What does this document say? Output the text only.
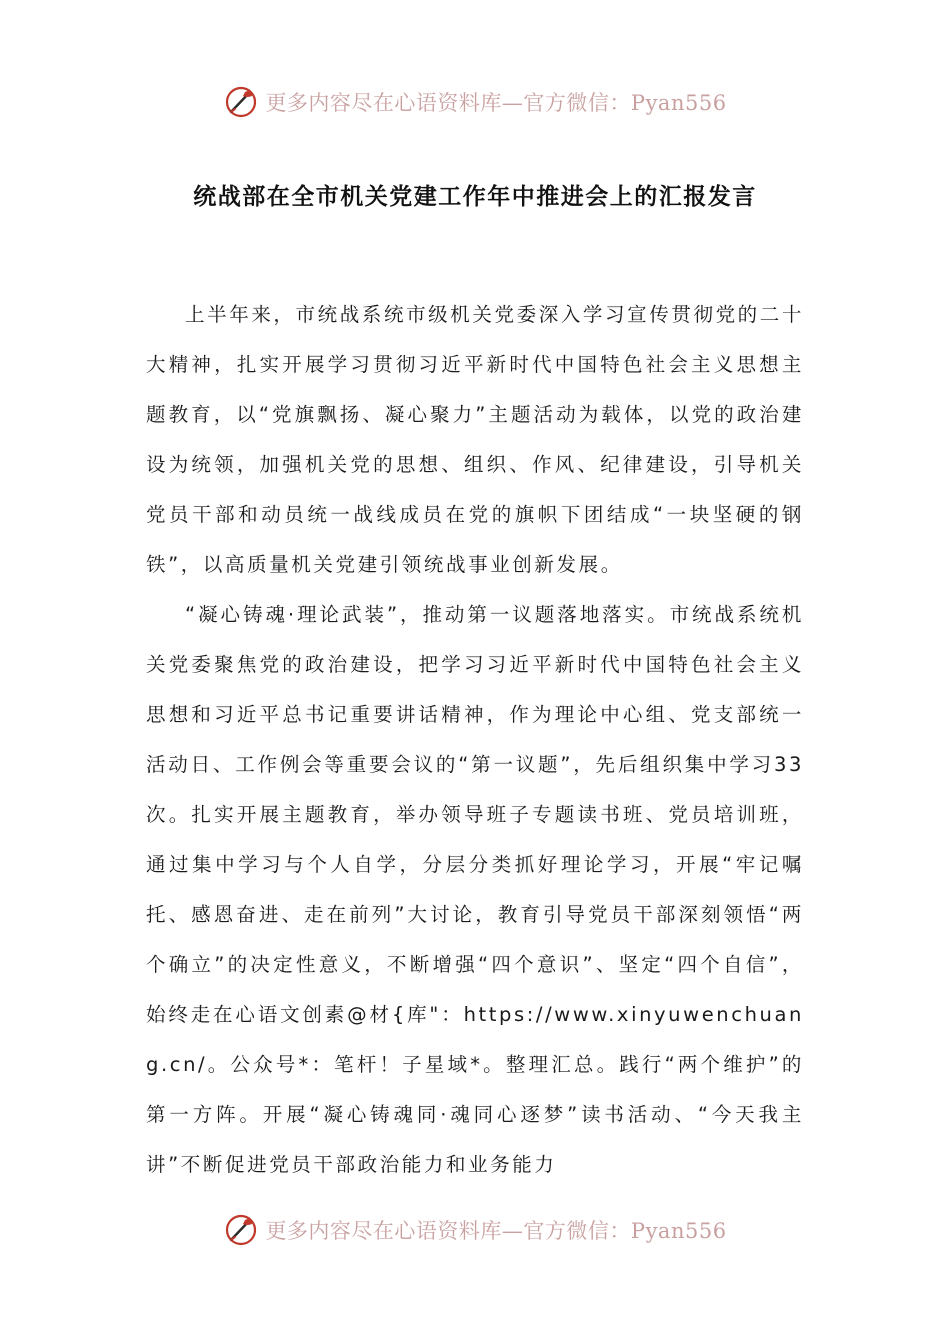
更多内容尽在心语资料库—官方微信：Pyan556
统战部在全市机关党建工作年中推进会上的汇报发言

上半年来，市统战系统市级机关党委深入学习宣传贯彻党的二十大精神，扎实开展学习贯彻习近平新时代中国特色社会主义思想主题教育，以“党旗飘扬、凝心聚力”主题活动为载体，以党的政治建设为统领，加强机关党的思想、组织、作风、纪律建设，引导机关党员干部和动员统一战线成员在党的旗帜下团结成“一块坚硬的钢铁”，以高质量机关党建引领统战事业创新发展。

“凝心铸魂·理论武装”，推动第一议题落地落实。市统战系统机关党委聚焦党的政治建设，把学习习近平新时代中国特色社会主义思想和习近平总书记重要讲话精神，作为理论中心组、党支部统一活动日、工作例会等重要会议的“第一议题”，先后组织集中学习33次。扎实开展主题教育，举办领导班子专题读书班、党员培训班，通过集中学习与个人自学，分层分类抓好理论学习，开展“牢记嘱托、感恩奋进、走在前列”大讨论，教育引导党员干部深刻领悟“两个确立”的决定性意义，不断增强“四个意识”、坚定“四个自信”，始终走在心语文创素@材{库"：https://www.xinyuwenchuang.cn/。公众号*：笔杆！子星域*。整理汇总。践行“两个维护”的第一方阵。开展“凝心铸魂同·魂同心逐梦”读书活动、“今天我主讲”不断促进党员干部政治能力和业务能力

更多内容尽在心语资料库—官方微信：Pyan556
